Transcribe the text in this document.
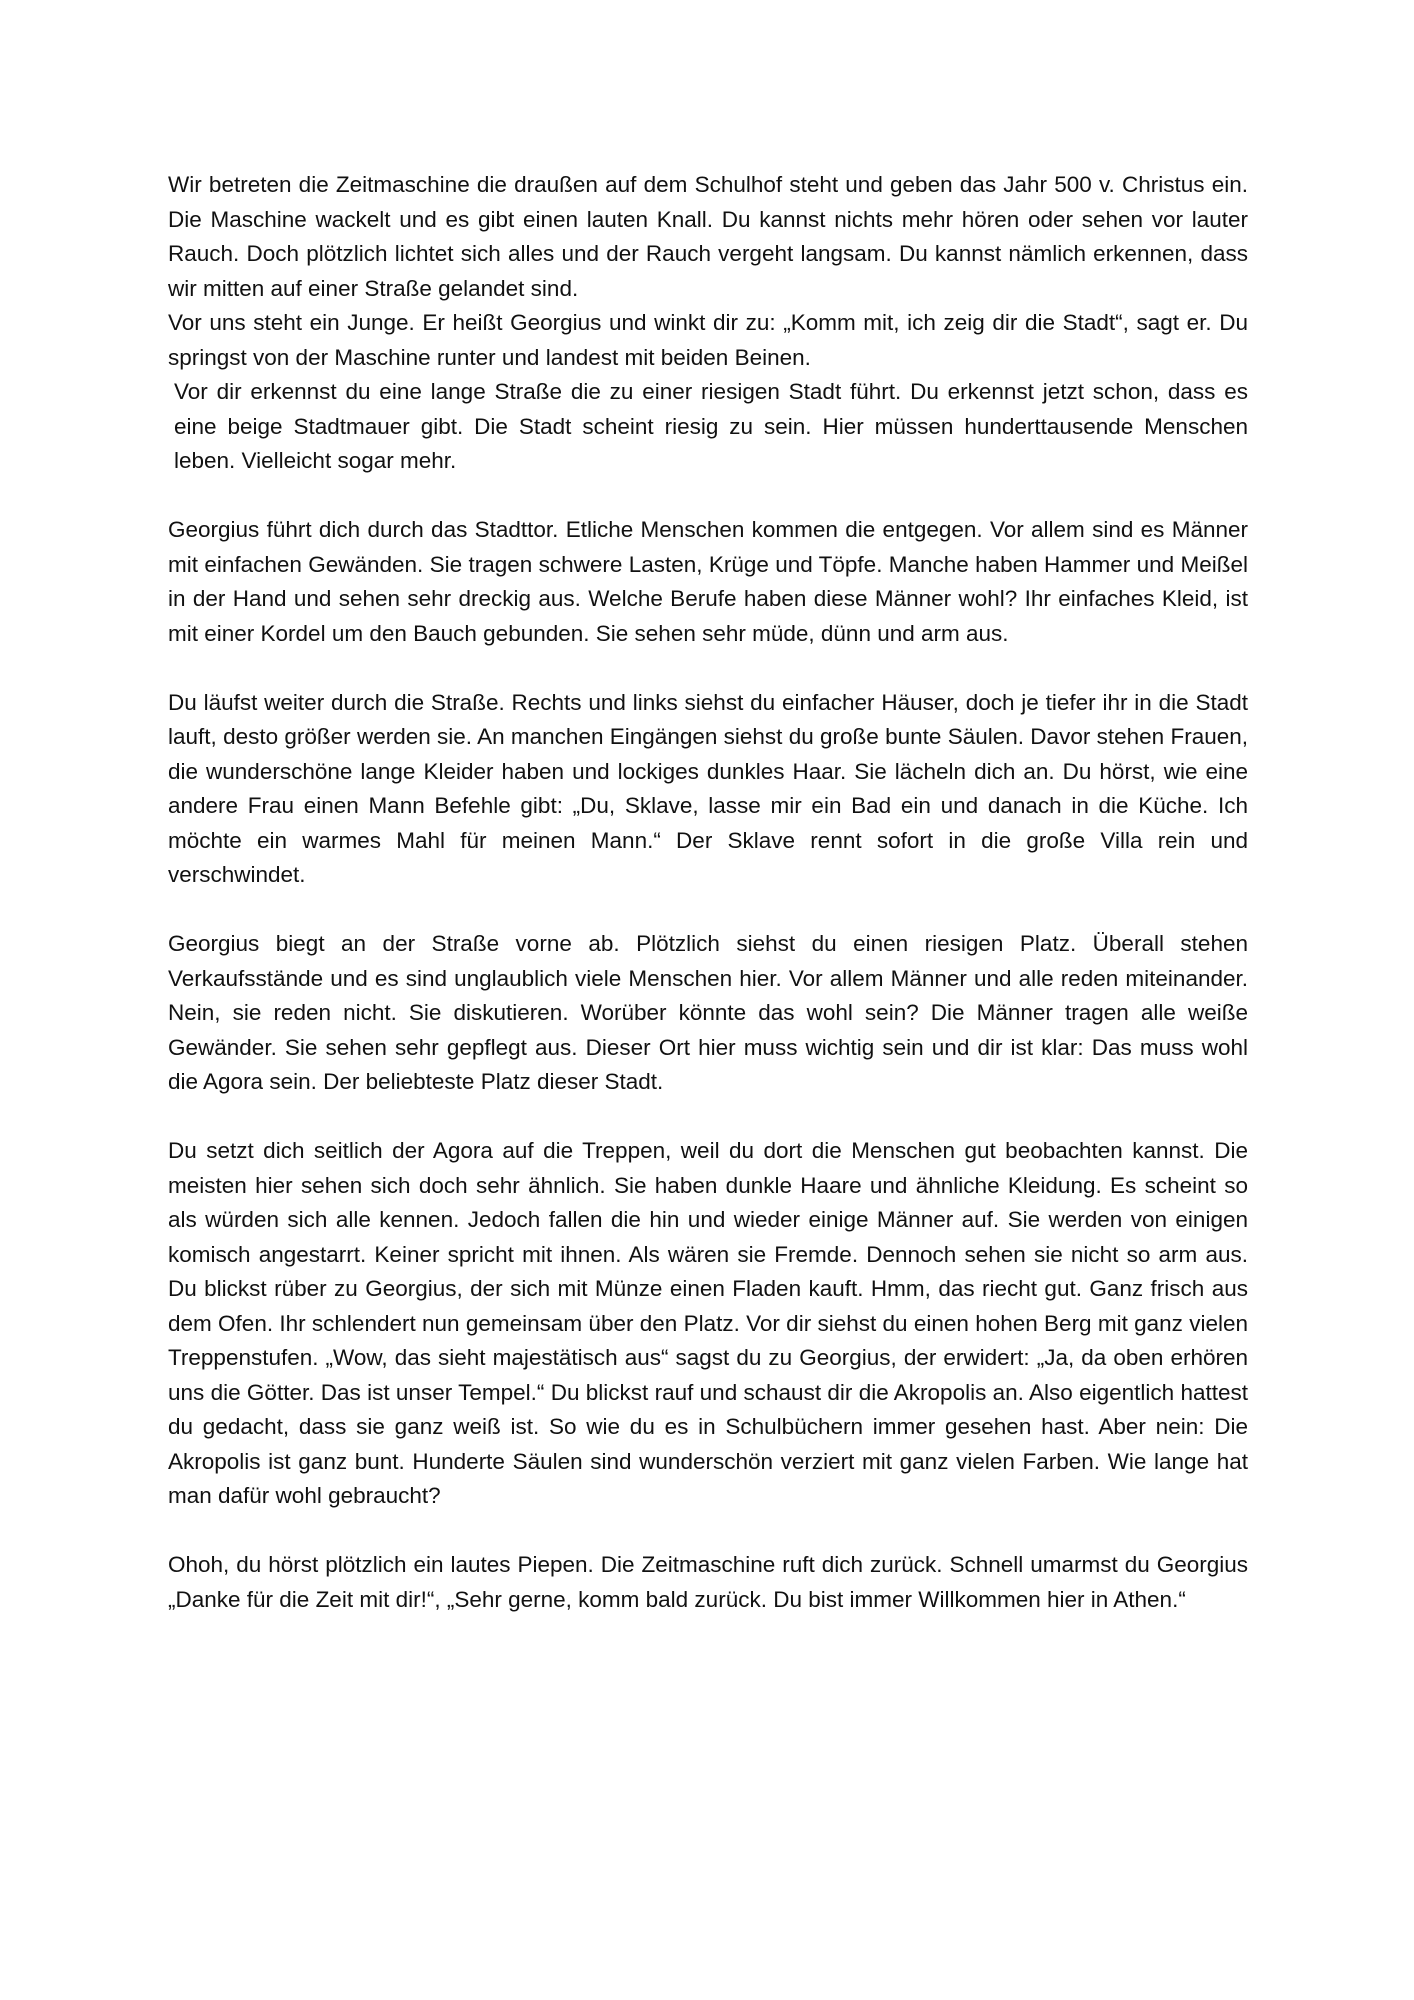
Wir betreten die Zeitmaschine die draußen auf dem Schulhof steht und geben das Jahr 500 v. Christus ein. Die Maschine wackelt und es gibt einen lauten Knall. Du kannst nichts mehr hören oder sehen vor lauter Rauch. Doch plötzlich lichtet sich alles und der Rauch vergeht langsam. Du kannst nämlich erkennen, dass wir mitten auf einer Straße gelandet sind.
Vor uns steht ein Junge. Er heißt Georgius und winkt dir zu: „Komm mit, ich zeig dir die Stadt“, sagt er. Du springst von der Maschine runter und landest mit beiden Beinen.
Vor dir erkennst du eine lange Straße die zu einer riesigen Stadt führt. Du erkennst jetzt schon, dass es eine beige Stadtmauer gibt. Die Stadt scheint riesig zu sein. Hier müssen hunderttausende Menschen leben. Vielleicht sogar mehr.

Georgius führt dich durch das Stadttor. Etliche Menschen kommen die entgegen. Vor allem sind es Männer mit einfachen Gewänden. Sie tragen schwere Lasten, Krüge und Töpfe. Manche haben Hammer und Meißel in der Hand und sehen sehr dreckig aus. Welche Berufe haben diese Männer wohl? Ihr einfaches Kleid, ist mit einer Kordel um den Bauch gebunden. Sie sehen sehr müde, dünn und arm aus.

Du läufst weiter durch die Straße. Rechts und links siehst du einfacher Häuser, doch je tiefer ihr in die Stadt lauft, desto größer werden sie. An manchen Eingängen siehst du große bunte Säulen. Davor stehen Frauen, die wunderschöne lange Kleider haben und lockiges dunkles Haar. Sie lächeln dich an. Du hörst, wie eine andere Frau einen Mann Befehle gibt: „Du, Sklave, lasse mir ein Bad ein und danach in die Küche. Ich möchte ein warmes Mahl für meinen Mann.“ Der Sklave rennt sofort in die große Villa rein und verschwindet.

Georgius biegt an der Straße vorne ab. Plötzlich siehst du einen riesigen Platz. Überall stehen Verkaufsstände und es sind unglaublich viele Menschen hier. Vor allem Männer und alle reden miteinander. Nein, sie reden nicht. Sie diskutieren. Worüber könnte das wohl sein? Die Männer tragen alle weiße Gewänder. Sie sehen sehr gepflegt aus. Dieser Ort hier muss wichtig sein und dir ist klar: Das muss wohl die Agora sein. Der beliebteste Platz dieser Stadt.

Du setzt dich seitlich der Agora auf die Treppen, weil du dort die Menschen gut beobachten kannst. Die meisten hier sehen sich doch sehr ähnlich. Sie haben dunkle Haare und ähnliche Kleidung. Es scheint so als würden sich alle kennen. Jedoch fallen die hin und wieder einige Männer auf. Sie werden von einigen komisch angestarrt. Keiner spricht mit ihnen. Als wären sie Fremde. Dennoch sehen sie nicht so arm aus. Du blickst rüber zu Georgius, der sich mit Münze einen Fladen kauft. Hmm, das riecht gut. Ganz frisch aus dem Ofen. Ihr schlendert nun gemeinsam über den Platz. Vor dir siehst du einen hohen Berg mit ganz vielen Treppenstufen. „Wow, das sieht majestätisch aus“ sagst du zu Georgius, der erwidert: „Ja, da oben erhören uns die Götter. Das ist unser Tempel.“ Du blickst rauf und schaust dir die Akropolis an. Also eigentlich hattest du gedacht, dass sie ganz weiß ist. So wie du es in Schulbüchern immer gesehen hast. Aber nein: Die Akropolis ist ganz bunt. Hunderte Säulen sind wunderschön verziert mit ganz vielen Farben. Wie lange hat man dafür wohl gebraucht?

Ohoh, du hörst plötzlich ein lautes Piepen. Die Zeitmaschine ruft dich zurück. Schnell umarmst du Georgius „Danke für die Zeit mit dir!“, „Sehr gerne, komm bald zurück. Du bist immer Willkommen hier in Athen.“
